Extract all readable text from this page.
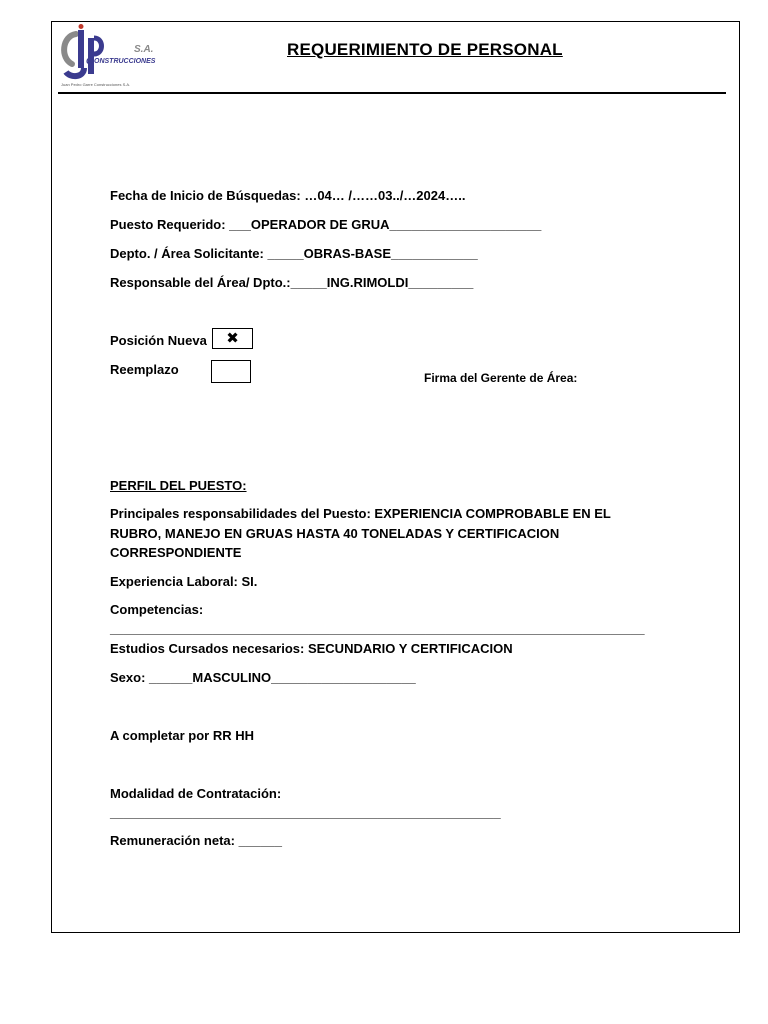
S.A.
C ONSTRUCCIONES
Juan Pedro Garre Construcciones S.A.
REQUERIMIENTO DE PERSONAL
Fecha de Inicio de Búsquedas: …04… /……03../…2024…..
Puesto Requerido: ___OPERADOR DE GRUA_____________________
Depto. / Área Solicitante: _____OBRAS-BASE____________
Responsable del Área/ Dpto.:_____ING.RIMOLDI_________
Posición Nueva	✖
Reemplazo
Firma del Gerente de Área:
PERFIL DEL PUESTO:
Principales responsabilidades del Puesto: EXPERIENCIA COMPROBABLE EN EL RUBRO, MANEJO EN GRUAS HASTA 40 TONELADAS Y CERTIFICACION CORRESPONDIENTE
Experiencia Laboral: SI.
Competencias:
______________________________________________________________________________
Estudios Cursados necesarios: SECUNDARIO Y CERTIFICACION
Sexo: ______MASCULINO____________________
A completar por RR HH
Modalidad de Contratación:
_________________________________________________________
Remuneración neta: ______
